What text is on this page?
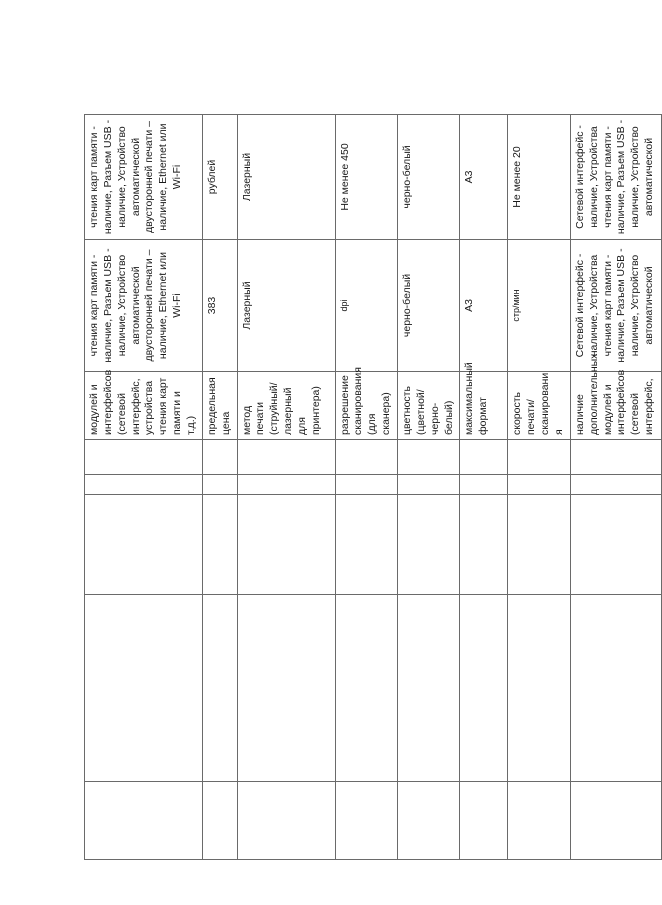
					модулей и интерфейсов (сетевой интерфейс, устройства чтения карт памяти и т.д.)	чтения карт памяти - наличие, Разъем USB - наличие, Устройство автоматической двусторонней печати – наличие, Ethernet или Wi-Fi	чтения карт памяти - наличие, Разъем USB - наличие, Устройство автоматической двусторонней печати – наличие, Ethernet или Wi-Fi
					предельная цена	383	рублей
					метод печати (струйный/лазерный для принтера)	Лазерный	Лазерный
					разрешение сканирования (для сканера)	dpi	Не менее 450
					цветность (цветной/черно-белый)	черно-белый	черно-белый
					максимальный формат	А3	А3
					скорость печати/сканировани я	стр/мин	Не менее 20
					наличие дополнительных модулей и интерфейсов (сетевой интерфейс,	Сетевой интерфейс - наличие, Устройства чтения карт памяти - наличие, Разъем USB - наличие, Устройство автоматической	Сетевой интерфейс - наличие, Устройства чтения карт памяти - наличие, Разъем USB - наличие, Устройство автоматической
